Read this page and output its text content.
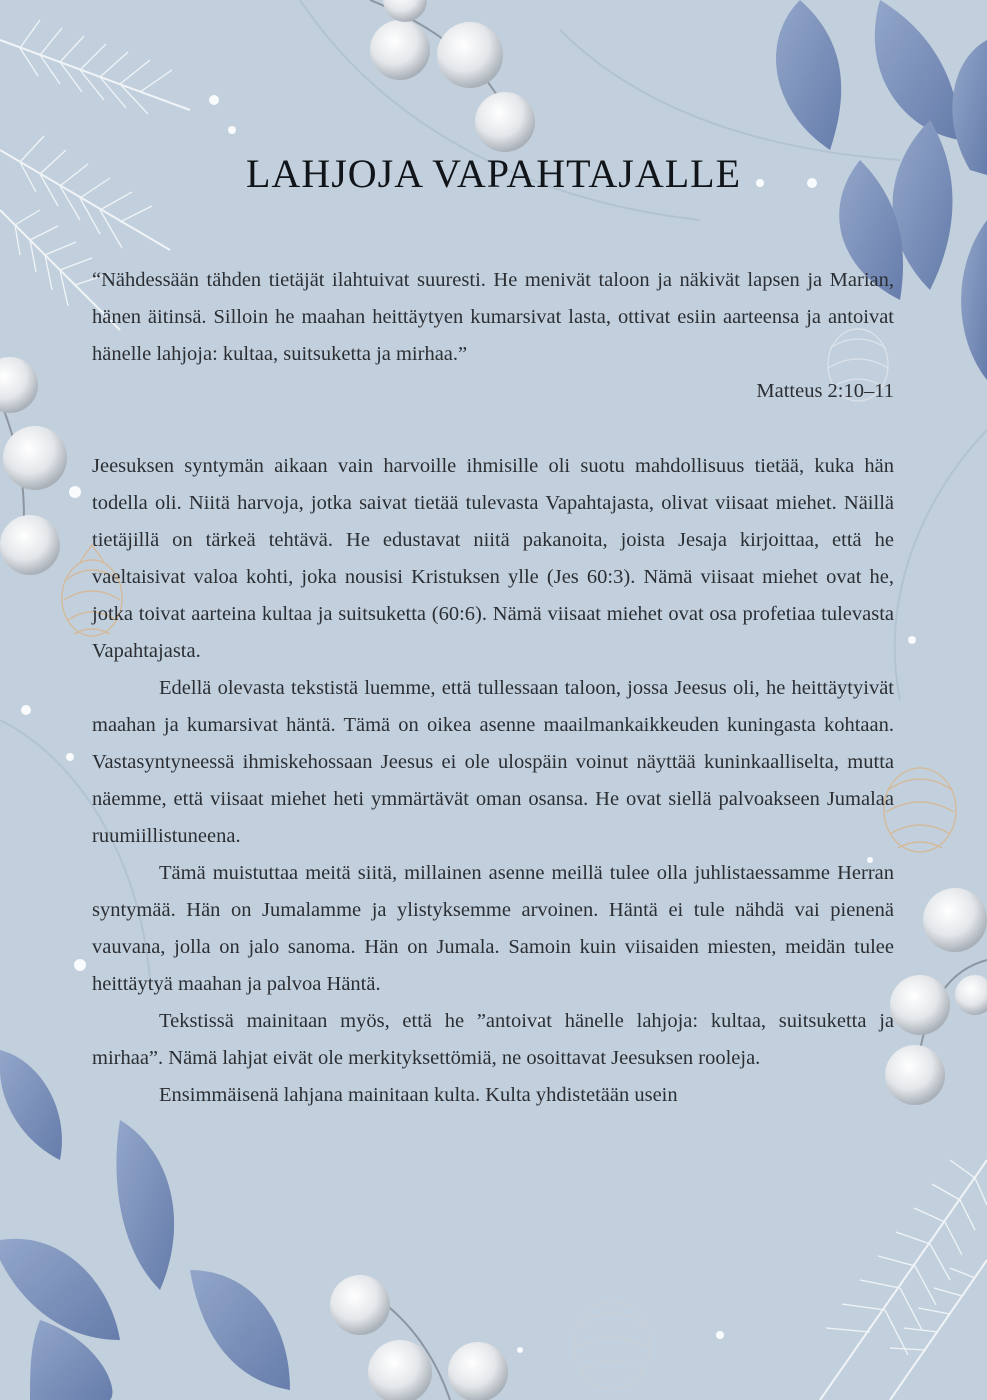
LAHJOJA VAPAHTAJALLE

“Nähdessään tähden tietäjät ilahtuivat suuresti. He menivät taloon ja näkivät lapsen ja Marian, hänen äitinsä. Silloin he maahan heittäytyen kumarsivat lasta, ottivat esiin aarteensa ja antoivat hänelle lahjoja: kultaa, suitsuketta ja mirhaa.”

Matteus 2:10–11

Jeesuksen syntymän aikaan vain harvoille ihmisille oli suotu mahdollisuus tietää, kuka hän todella oli. Niitä harvoja, jotka saivat tietää tulevasta Vapahtajasta, olivat viisaat miehet. Näillä tietäjillä on tärkeä tehtävä. He edustavat niitä pakanoita, joista Jesaja kirjoittaa, että he vaeltaisivat valoa kohti, joka nousisi Kristuksen ylle (Jes 60:3). Nämä viisaat miehet ovat he, jotka toivat aarteina kultaa ja suitsuketta (60:6). Nämä viisaat miehet ovat osa profetiaa tulevasta Vapahtajasta.

Edellä olevasta tekstistä luemme, että tullessaan taloon, jossa Jeesus oli, he heittäytyivät maahan ja kumarsivat häntä. Tämä on oikea asenne maailmankaikkeuden kuningasta kohtaan. Vastasyntyneessä ihmiskehossaan Jeesus ei ole ulospäin voinut näyttää kuninkaalliselta, mutta näemme, että viisaat miehet heti ymmärtävät oman osansa. He ovat siellä palvoakseen Jumalaa ruumiillistuneena.

Tämä muistuttaa meitä siitä, millainen asenne meillä tulee olla juhlistaessamme Herran syntymää. Hän on Jumalamme ja ylistyksemme arvoinen. Häntä ei tule nähdä vai pienenä vauvana, jolla on jalo sanoma. Hän on Jumala. Samoin kuin viisaiden miesten, meidän tulee heittäytyä maahan ja palvoa Häntä.

Tekstissä mainitaan myös, että he ”antoivat hänelle lahjoja: kultaa, suitsuketta ja mirhaa”. Nämä lahjat eivät ole merkityksettömiä, ne osoittavat Jeesuksen rooleja.

Ensimmäisenä lahjana mainitaan kulta. Kulta yhdistetään usein
